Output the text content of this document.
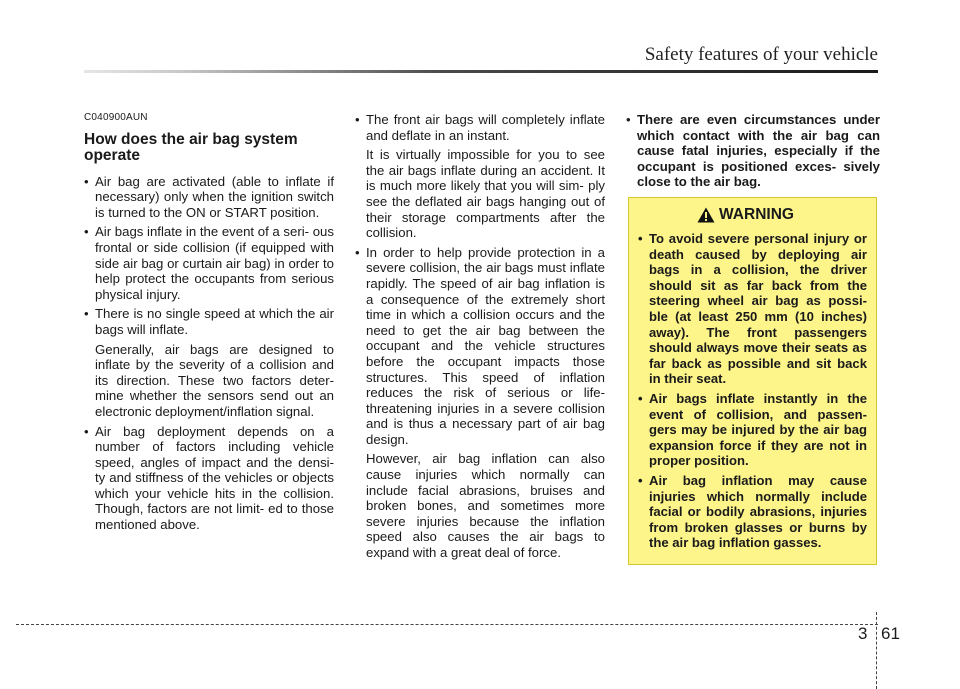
Safety features of your vehicle
C040900AUN
How does the air bag system operate
• Air bag are activated (able to inflate if necessary) only when the ignition switch is turned to the ON or START position.
• Air bags inflate in the event of a seri- ous frontal or side collision (if equipped with side air bag or curtain air bag) in order to help protect the occupants from serious physical injury.
• There is no single speed at which the air bags will inflate.
Generally, air bags are designed to inflate by the severity of a collision and its direction. These two factors deter- mine whether the sensors send out an electronic deployment/inflation signal.
• Air bag deployment depends on a number of factors including vehicle speed, angles of impact and the densi- ty and stiffness of the vehicles or objects which your vehicle hits in the collision. Though, factors are not limit- ed to those mentioned above.
• The front air bags will completely inflate and deflate in an instant.
It is virtually impossible for you to see the air bags inflate during an accident. It is much more likely that you will sim- ply see the deflated air bags hanging out of their storage compartments after the collision.
• In order to help provide protection in a severe collision, the air bags must inflate rapidly. The speed of air bag inflation is a consequence of the extremely short time in which a collision occurs and the need to get the air bag between the occupant and the vehicle structures before the occupant impacts those structures. This speed of inflation reduces the risk of serious or life- threatening injuries in a severe collision and is thus a necessary part of air bag design.
However, air bag inflation can also cause injuries which normally can include facial abrasions, bruises and broken bones, and sometimes more severe injuries because the inflation speed also causes the air bags to expand with a great deal of force.
• There are even circumstances under which contact with the air bag can cause fatal injuries, especially if the occupant is positioned exces- sively close to the air bag.
WARNING
• To avoid severe personal injury or death caused by deploying air bags in a collision, the driver should sit as far back from the steering wheel air bag as possi- ble (at least 250 mm (10 inches) away). The front passengers should always move their seats as far back as possible and sit back in their seat.
• Air bags inflate instantly in the event of collision, and passen- gers may be injured by the air bag expansion force if they are not in proper position.
• Air bag inflation may cause injuries which normally include facial or bodily abrasions, injuries from broken glasses or burns by the air bag inflation gasses.
3 61
